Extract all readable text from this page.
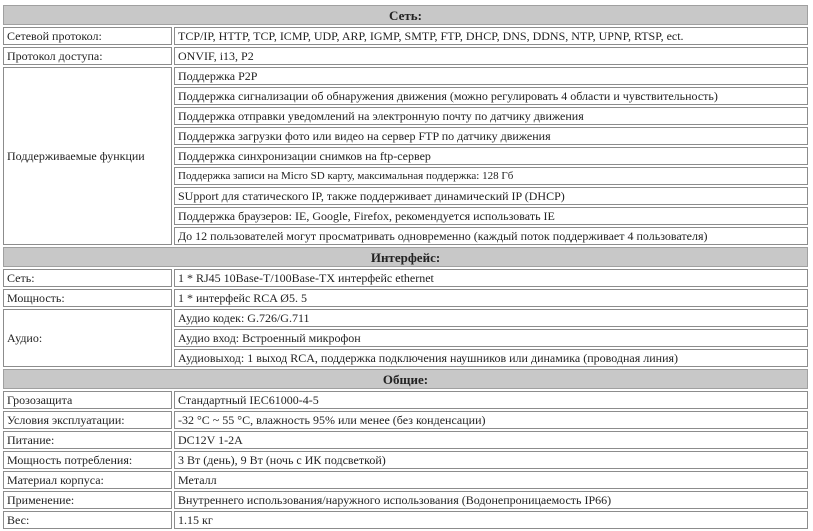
Сеть:	
Сетевой протокол:	TCP/IP, HTTP, TCP, ICMP, UDP, ARP, IGMP, SMTP, FTP, DHCP, DNS, DDNS, NTP, UPNP, RTSP, ect.
Протокол доступа:	ONVIF, i13, P2
Поддерживаемые функции	Поддержка P2P
	Поддержка сигнализации об обнаружения движения (можно регулировать 4 области и чувствительность)
	Поддержка отправки уведомлений на электронную почту по датчику движения
	Поддержка загрузки фото или видео на сервер FTP по датчику движения
	Поддержка синхронизации снимков на ftp-сервер
	Поддержка записи на Micro SD карту, максимальная поддержка: 128 Гб
	SUpport для статического IP, также поддерживает динамический IP (DHCP)
	Поддержка браузеров: IE, Google, Firefox, рекомендуется использовать IE
	До 12 пользователей могут просматривать одновременно (каждый поток поддерживает 4 пользователя)
Интерфейс:	
Сеть:	1 * RJ45 10Base-T/100Base-TX интерфейс ethernet
Мощность:	1 * интерфейс RCA Ø5. 5
Аудио:	Аудио кодек: G.726/G.711
	Аудио вход: Встроенный микрофон
	Аудиовыход: 1 выход RCA, поддержка подключения наушников или динамика (проводная линия)
Общие:	
Грозозащита	Стандартный IEC61000-4-5
Условия эксплуатации:	-32 °C ~ 55 °C, влажность 95% или менее (без конденсации)
Питание:	DC12V 1-2A
Мощность потребления:	3 Вт (день), 9 Вт (ночь с ИК подсветкой)
Материал корпуса:	Металл
Применение:	Внутреннего использования/наружного использования (Водонепроницаемость IP66)
Вес:	1.15 кг
